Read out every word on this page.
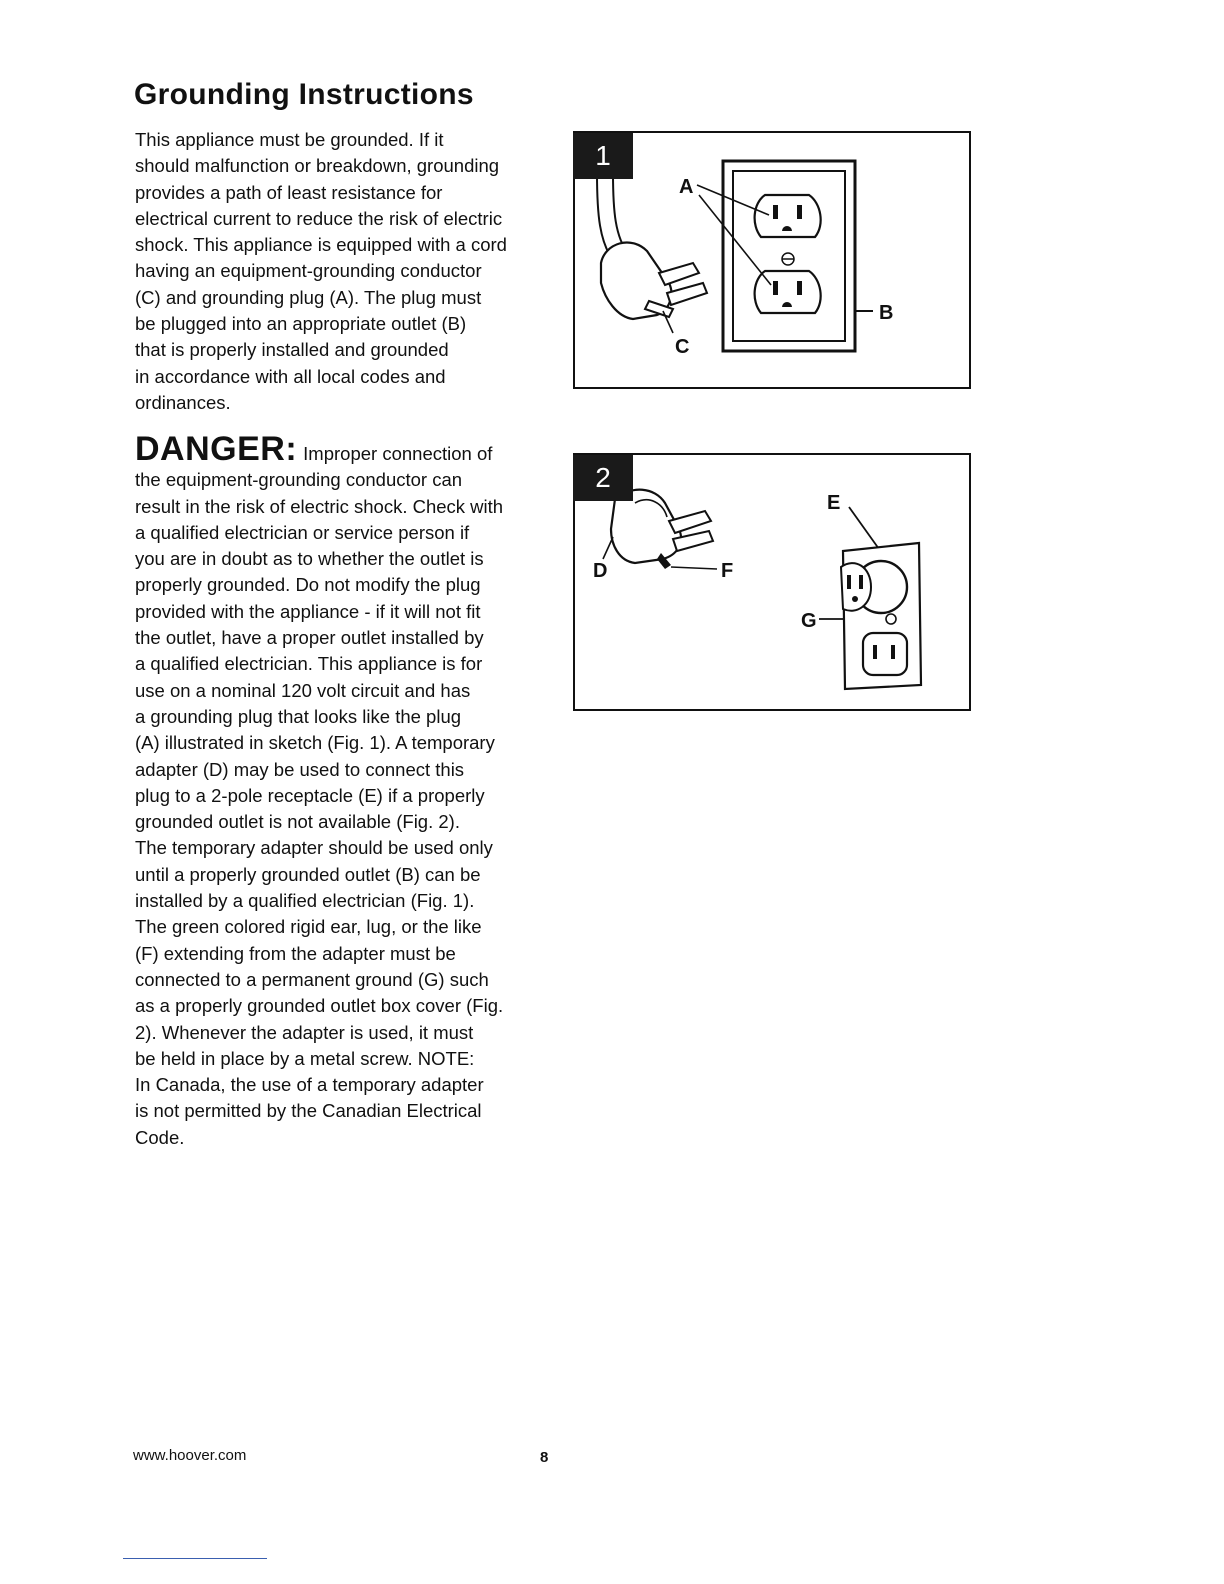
Grounding Instructions
This appliance must be grounded. If it
should malfunction or breakdown, grounding
provides a path of least resistance for
electrical current to reduce the risk of electric
shock. This appliance is equipped with a cord
having an equipment-grounding conductor
(C) and grounding plug (A). The plug must
be plugged into an appropriate outlet (B)
that is properly installed and grounded
in accordance with all local codes and
ordinances.
DANGER: Improper connection of
the equipment-grounding conductor can
result in the risk of electric shock. Check with
a qualified electrician or service person if
you are in doubt as to whether the outlet is
properly grounded. Do not modify the plug
provided with the appliance - if it will not fit
the outlet, have a proper outlet installed by
a qualified electrician. This appliance is for
use on a nominal 120 volt circuit and has
a grounding plug that looks like the plug
(A) illustrated in sketch (Fig. 1). A temporary
adapter (D) may be used to connect this
plug to a 2-pole receptacle (E) if a properly
grounded outlet is not available (Fig. 2).
The temporary adapter should be used only
until a properly grounded outlet (B) can be
installed by a qualified electrician (Fig. 1).
The green colored rigid ear, lug, or the like
(F) extending from the adapter must be
connected to a permanent ground (G) such
as a properly grounded outlet box cover (Fig.
2). Whenever the adapter is used, it must
be held in place by a metal screw. NOTE:
In Canada, the use of a temporary adapter
is not permitted by the Canadian Electrical
Code.
A
B
C
1
D
E
F
G
2
www.hoover.com	8
